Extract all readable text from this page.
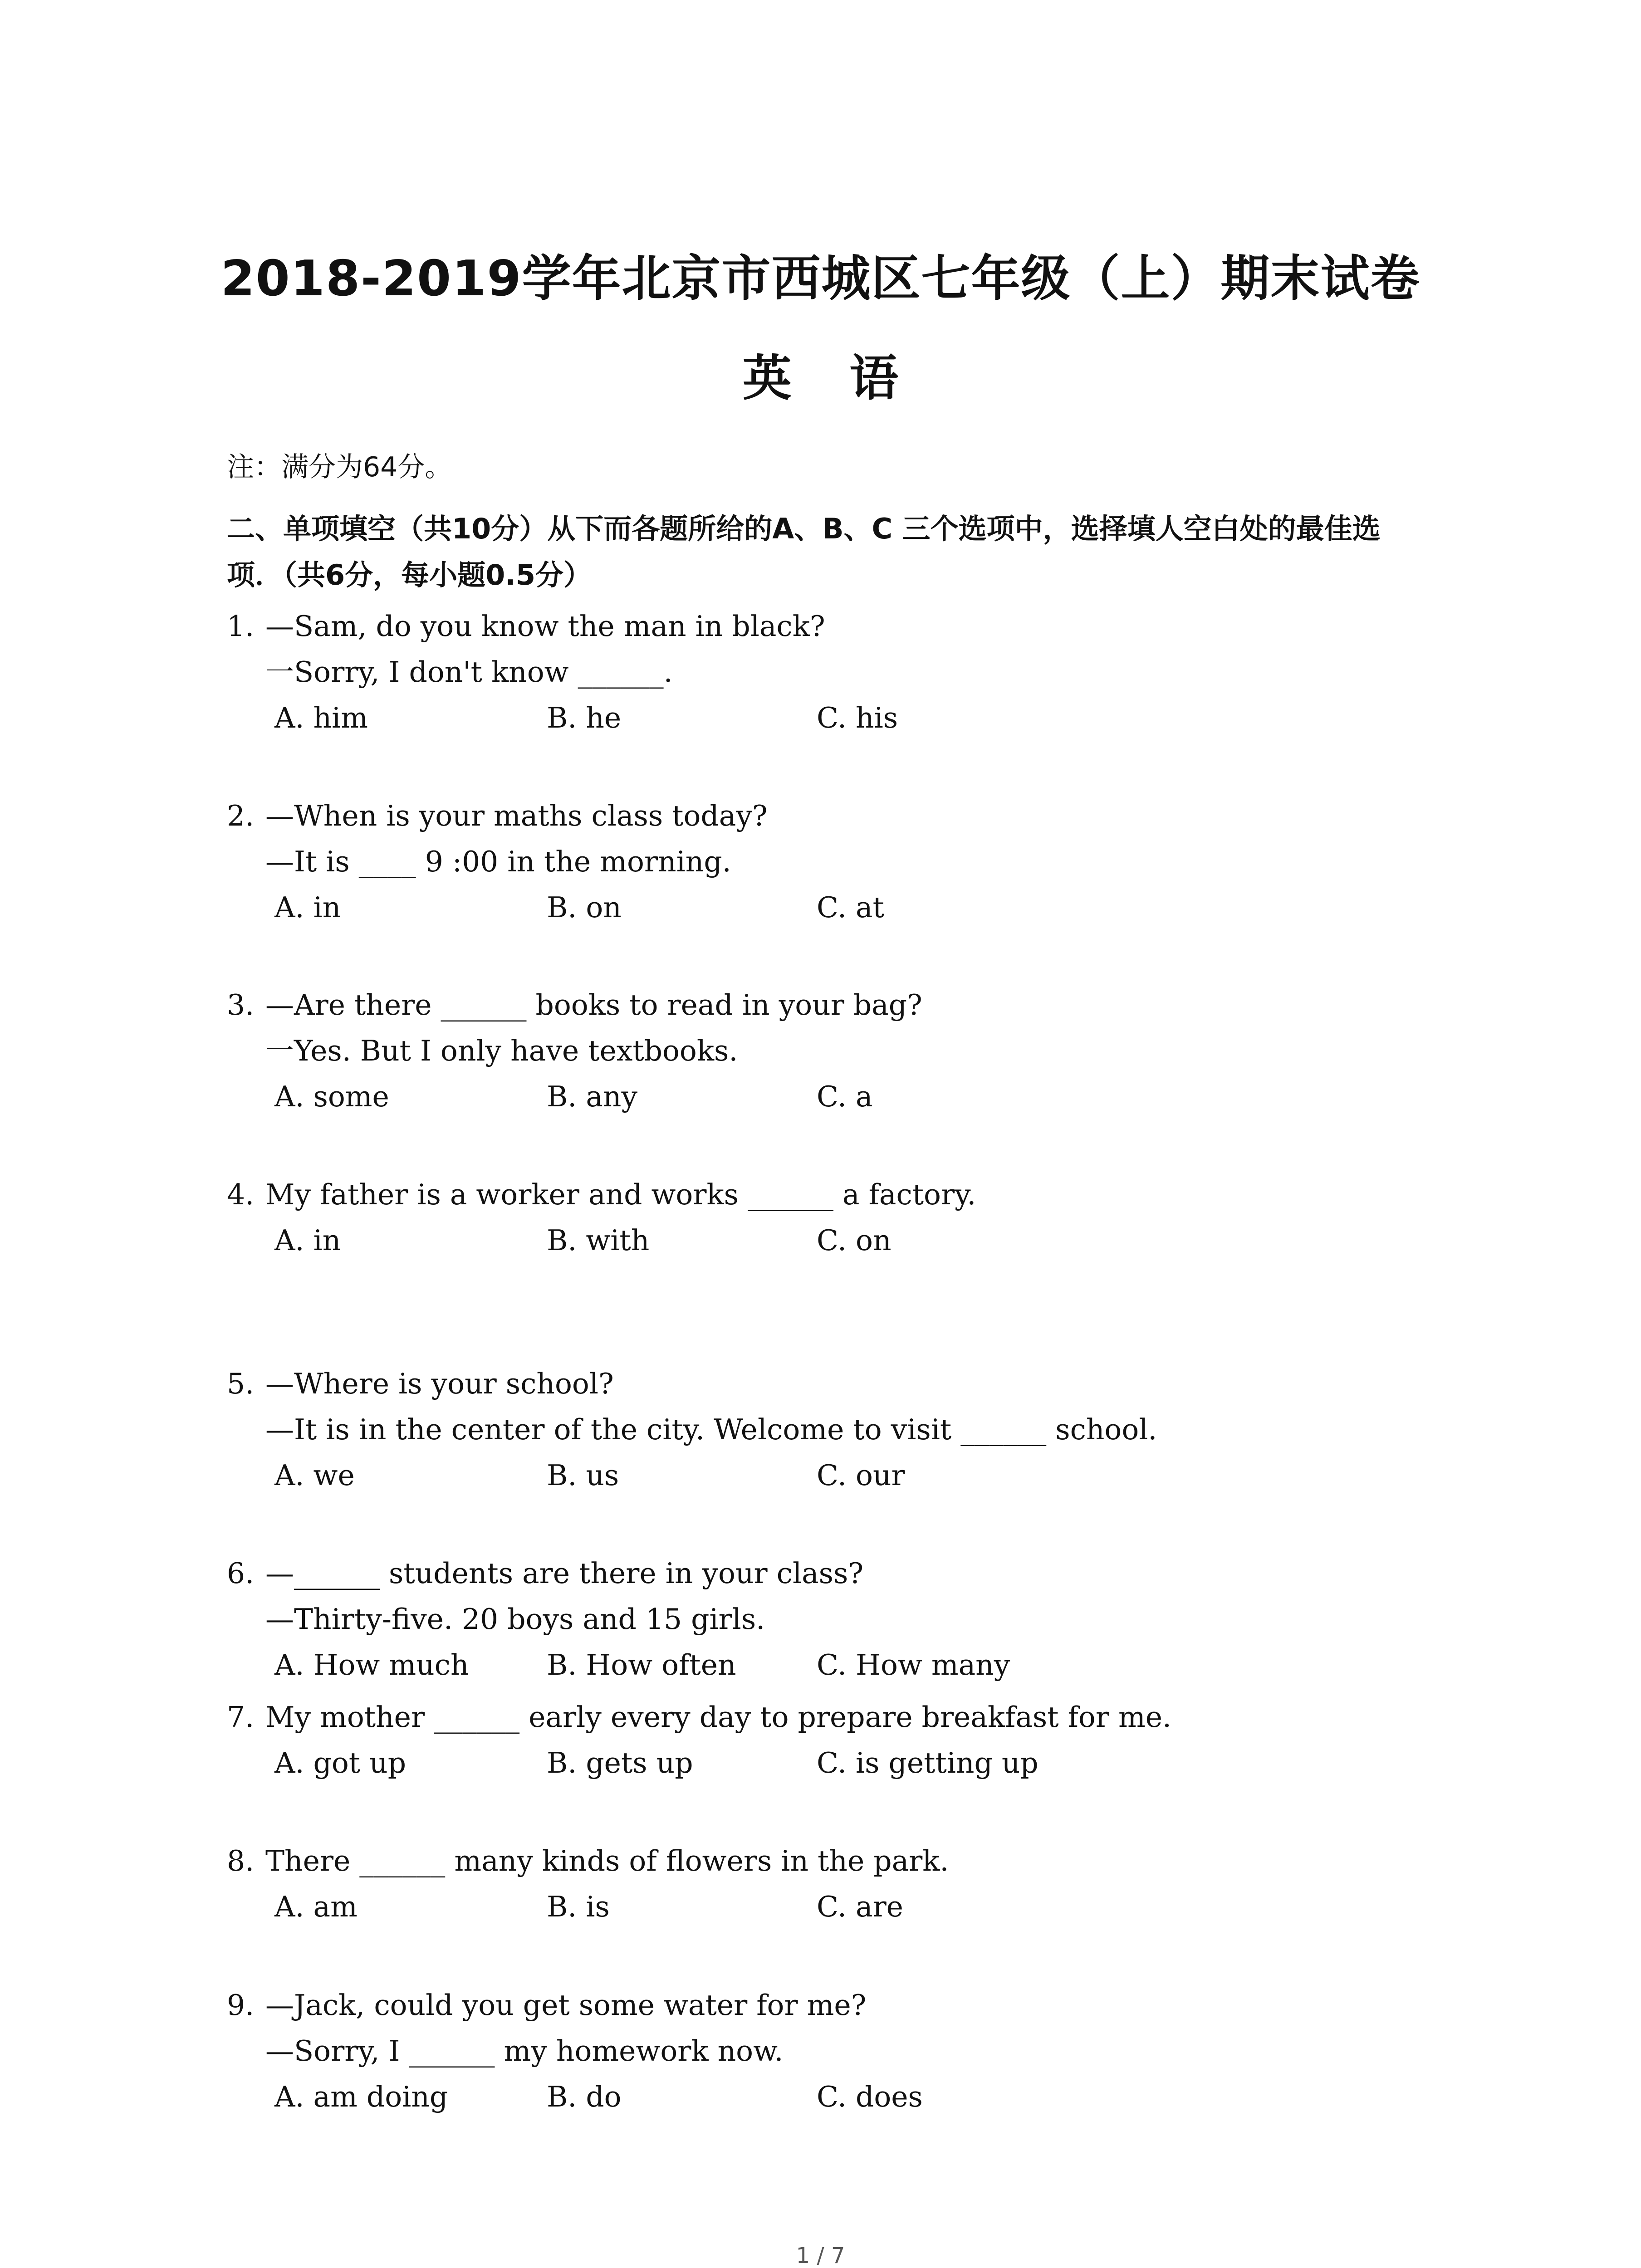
2018-2019学年北京市西城区七年级（上）期末试卷
英 语
注：满分为64分。
二、单项填空（共10分）从下而各题所给的A、B、C 三个选项中，选择填人空白处的最佳选
项．（共6分，每小题0.5分）
1. —Sam, do you know the man in black?
一Sorry, I don't know ______.
A. him	B. he	C. his
2. —When is your maths class today?
—It is ____ 9 :00 in the morning.
A. in	B. on	C. at
3. —Are there ______ books to read in your bag?
一Yes. But I only have textbooks.
A. some	B. any	C. a
4. My father is a worker and works ______ a factory.
A. in	B. with	C. on
5. —Where is your school?
—It is in the center of the city. Welcome to visit ______ school.
A. we	B. us	C. our
6. —______ students are there in your class?
—Thirty-five. 20 boys and 15 girls.
A. How much	B. How often	C. How many
7. My mother ______ early every day to prepare breakfast for me.
A. got up	B. gets up	C. is getting up
8. There ______ many kinds of flowers in the park.
A. am	B. is	C. are
9. —Jack, could you get some water for me?
—Sorry, I ______ my homework now.
A. am doing	B. do	C. does
1 / 7
